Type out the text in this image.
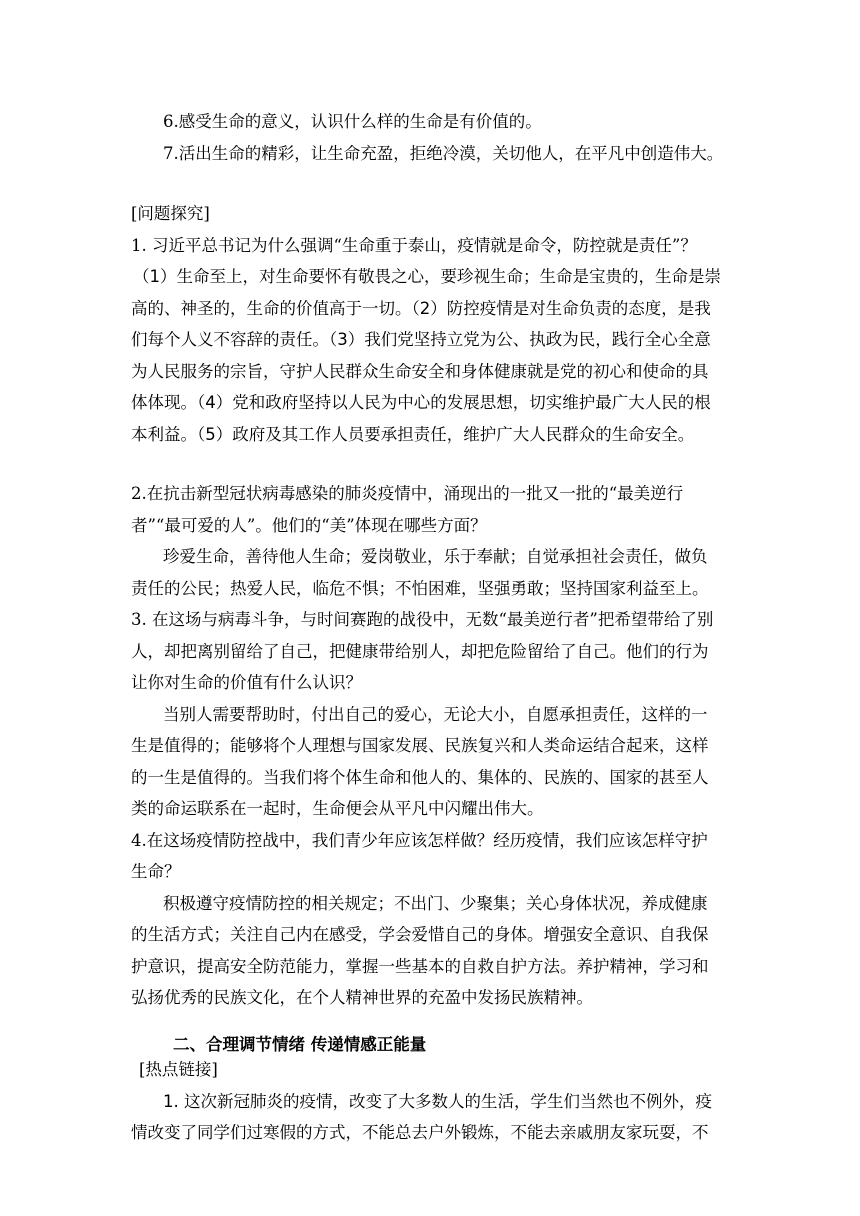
6.感受生命的意义，认识什么样的生命是有价值的。
7.活出生命的精彩，让生命充盈，拒绝冷漠，关切他人，在平凡中创造伟大。
[问题探究]
1. 习近平总书记为什么强调“生命重于泰山，疫情就是命令，防控就是责任”？
（1）生命至上，对生命要怀有敬畏之心，要珍视生命；生命是宝贵的，生命是崇
高的、神圣的，生命的价值高于一切。（2）防控疫情是对生命负责的态度，是我
们每个人义不容辞的责任。（3）我们党坚持立党为公、执政为民，践行全心全意
为人民服务的宗旨，守护人民群众生命安全和身体健康就是党的初心和使命的具
体体现。（4）党和政府坚持以人民为中心的发展思想，切实维护最广大人民的根
本利益。（5）政府及其工作人员要承担责任，维护广大人民群众的生命安全。
2.在抗击新型冠状病毒感染的肺炎疫情中，涌现出的一批又一批的“最美逆行
者”“最可爱的人”。他们的“美”体现在哪些方面？
珍爱生命，善待他人生命；爱岗敬业，乐于奉献；自觉承担社会责任，做负
责任的公民；热爱人民，临危不惧；不怕困难，坚强勇敢；坚持国家利益至上。
3. 在这场与病毒斗争，与时间赛跑的战役中，无数“最美逆行者”把希望带给了别
人，却把离别留给了自己，把健康带给别人，却把危险留给了自己。他们的行为
让你对生命的价值有什么认识？
当别人需要帮助时，付出自己的爱心，无论大小，自愿承担责任，这样的一
生是值得的；能够将个人理想与国家发展、民族复兴和人类命运结合起来，这样
的一生是值得的。当我们将个体生命和他人的、集体的、民族的、国家的甚至人
类的命运联系在一起时，生命便会从平凡中闪耀出伟大。
4.在这场疫情防控战中，我们青少年应该怎样做？经历疫情，我们应该怎样守护
生命？
积极遵守疫情防控的相关规定；不出门、少聚集；关心身体状况，养成健康
的生活方式；关注自己内在感受，学会爱惜自己的身体。增强安全意识、自我保
护意识，提高安全防范能力，掌握一些基本的自救自护方法。养护精神，学习和
弘扬优秀的民族文化，在个人精神世界的充盈中发扬民族精神。
二、合理调节情绪 传递情感正能量
[热点链接]
1. 这次新冠肺炎的疫情，改变了大多数人的生活，学生们当然也不例外，疫
情改变了同学们过寒假的方式，不能总去户外锻炼，不能去亲戚朋友家玩耍，不
